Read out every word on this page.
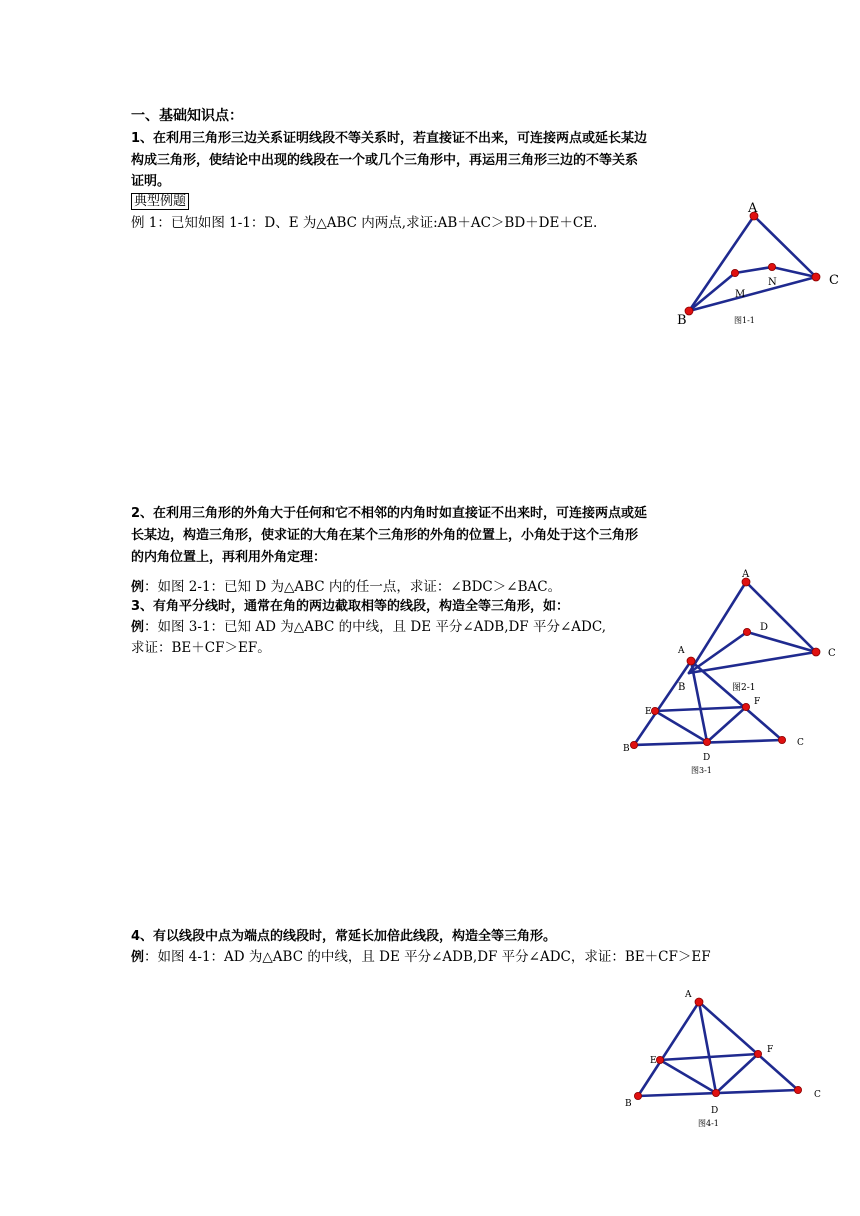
一、基础知识点：
1、在利用三角形三边关系证明线段不等关系时，若直接证不出来，可连接两点或延长某边
构成三角形，使结论中出现的线段在一个或几个三角形中，再运用三角形三边的不等关系
证明。
典型例题
例 1：已知如图 1-1：D、E 为△ABC 内两点,求证:AB＋AC＞BD＋DE＋CE.
A
B
C
M
N
图1-1
2、在利用三角形的外角大于任何和它不相邻的内角时如直接证不出来时，可连接两点或延
长某边，构造三角形，使求证的大角在某个三角形的外角的位置上，小角处于这个三角形
的内角位置上，再利用外角定理：
例：如图 2-1：已知 D 为△ABC 内的任一点，求证：∠BDC＞∠BAC。
3、有角平分线时，通常在角的两边截取相等的线段，构造全等三角形，如：
例：如图 3-1：已知 AD 为△ABC 的中线，且 DE 平分∠ADB,DF 平分∠ADC,
求证：BE＋CF＞EF。
A
B
C
D
图2-1
A
B
C
D
E
F
图3-1
4、有以线段中点为端点的线段时，常延长加倍此线段，构造全等三角形。
例：如图 4-1：AD 为△ABC 的中线，且 DE 平分∠ADB,DF 平分∠ADC，求证：BE＋CF＞EF
A
B
C
D
E
F
图4-1
